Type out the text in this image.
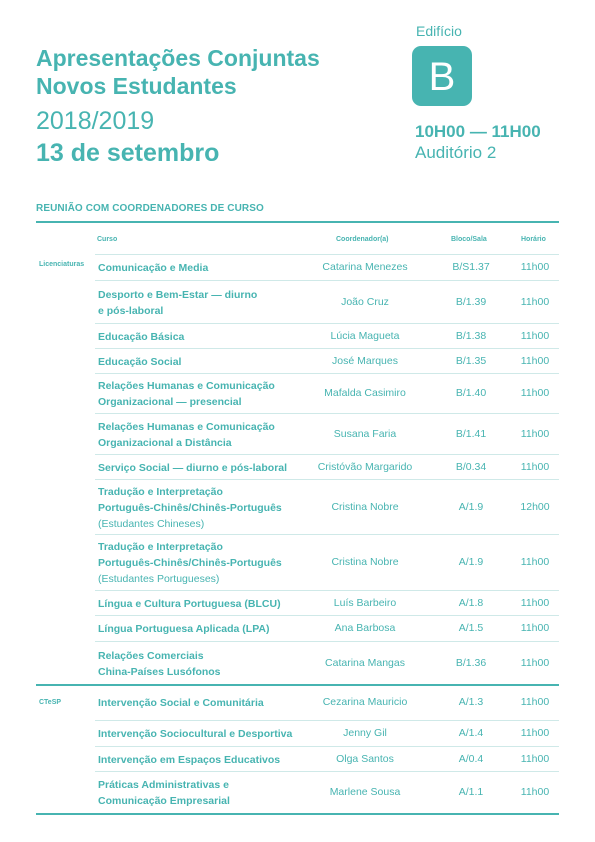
Apresentações Conjuntas
Novos Estudantes
2018/2019
13 de setembro
Edifício
B
10H00 — 11H00
Auditório 2
REUNIÃO COM COORDENADORES DE CURSO
Curso	Coordenador(a)	Bloco/Sala	Horário
Licenciaturas
CTeSP
Comunicação e Media	Catarina Menezes	B/S1.37	11h00
Desporto e Bem-Estar — diurno
e pós-laboral
João Cruz	B/1.39	11h00
Educação Básica	Lúcia Magueta	B/1.38	11h00
Educação Social	José Marques	B/1.35	11h00
Relações Humanas e Comunicação
Organizacional — presencial
Mafalda Casimiro	B/1.40	11h00
Relações Humanas e Comunicação
Organizacional a Distância
Susana Faria	B/1.41	11h00
Serviço Social — diurno e pós-laboral	Cristóvão Margarido	B/0.34	11h00
Tradução e Interpretação
Português-Chinês/Chinês-Português
(Estudantes Chineses)
Cristina Nobre	A/1.9	12h00
Tradução e Interpretação
Português-Chinês/Chinês-Português
(Estudantes Portugueses)
Cristina Nobre	A/1.9	11h00
Língua e Cultura Portuguesa (BLCU)	Luís Barbeiro	A/1.8	11h00
Língua Portuguesa Aplicada (LPA)	Ana Barbosa	A/1.5	11h00
Relações Comerciais
China-Países Lusófonos
Catarina Mangas	B/1.36	11h00
Intervenção Social e Comunitária	Cezarina Mauricio	A/1.3	11h00
Intervenção Sociocultural e Desportiva	Jenny Gil	A/1.4	11h00
Intervenção em Espaços Educativos	Olga Santos	A/0.4	11h00
Práticas Administrativas e
Comunicação Empresarial
Marlene Sousa	A/1.1	11h00
